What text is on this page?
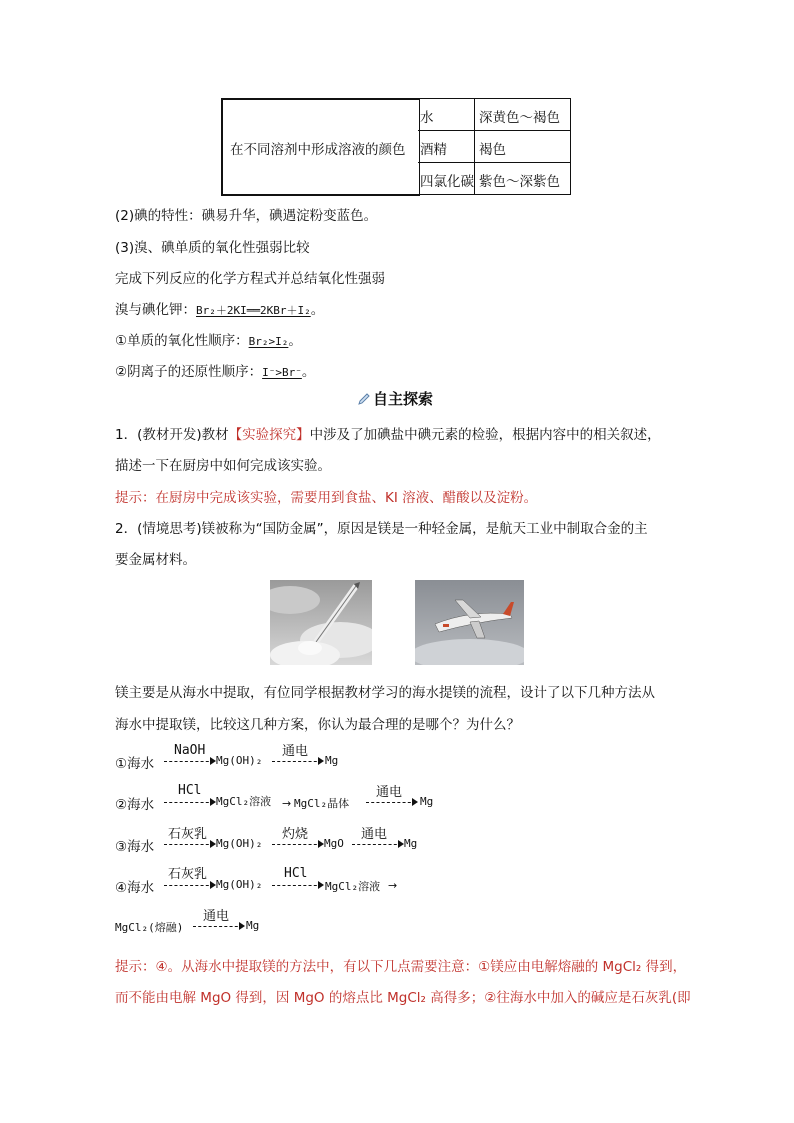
在不同溶剂中形成溶液的颜色
水	深黄色～褐色
酒精 褐色
四氯化碳 紫色～深紫色
(2)碘的特性：碘易升华，碘遇淀粉变蓝色。
(3)溴、碘单质的氧化性强弱比较
完成下列反应的化学方程式并总结氧化性强弱
溴与碘化钾：Br₂＋2KI══2KBr＋I₂。
①单质的氧化性顺序：Br₂>I₂。
②阴离子的还原性顺序：I⁻>Br⁻。
自主探索
1．(教材开发)教材【实验探究】中涉及了加碘盐中碘元素的检验，根据内容中的相关叙述，
描述一下在厨房中如何完成该实验。
提示：在厨房中完成该实验，需要用到食盐、KI 溶液、醋酸以及淀粉。
2．(情境思考)镁被称为“国防金属”，原因是镁是一种轻金属，是航天工业中制取合金的主
要金属材料。
镁主要是从海水中提取，有位同学根据教材学习的海水提镁的流程，设计了以下几种方法从
海水中提取镁，比较这几种方案，你认为最合理的是哪个？为什么？
①海水
NaOH
Mg(OH)₂
通电
Mg
②海水
HCl
MgCl₂溶液 → MgCl₂晶体
通电
Mg
③海水
石灰乳
Mg(OH)₂
灼烧
MgO
通电
Mg
④海水
石灰乳
Mg(OH)₂
HCl
MgCl₂溶液 →
MgCl₂(熔融)
通电
Mg
提示：④。从海水中提取镁的方法中，有以下几点需要注意：①镁应由电解熔融的 MgCl₂ 得到，
而不能由电解 MgO 得到，因 MgO 的熔点比 MgCl₂ 高得多；②往海水中加入的碱应是石灰乳(即
